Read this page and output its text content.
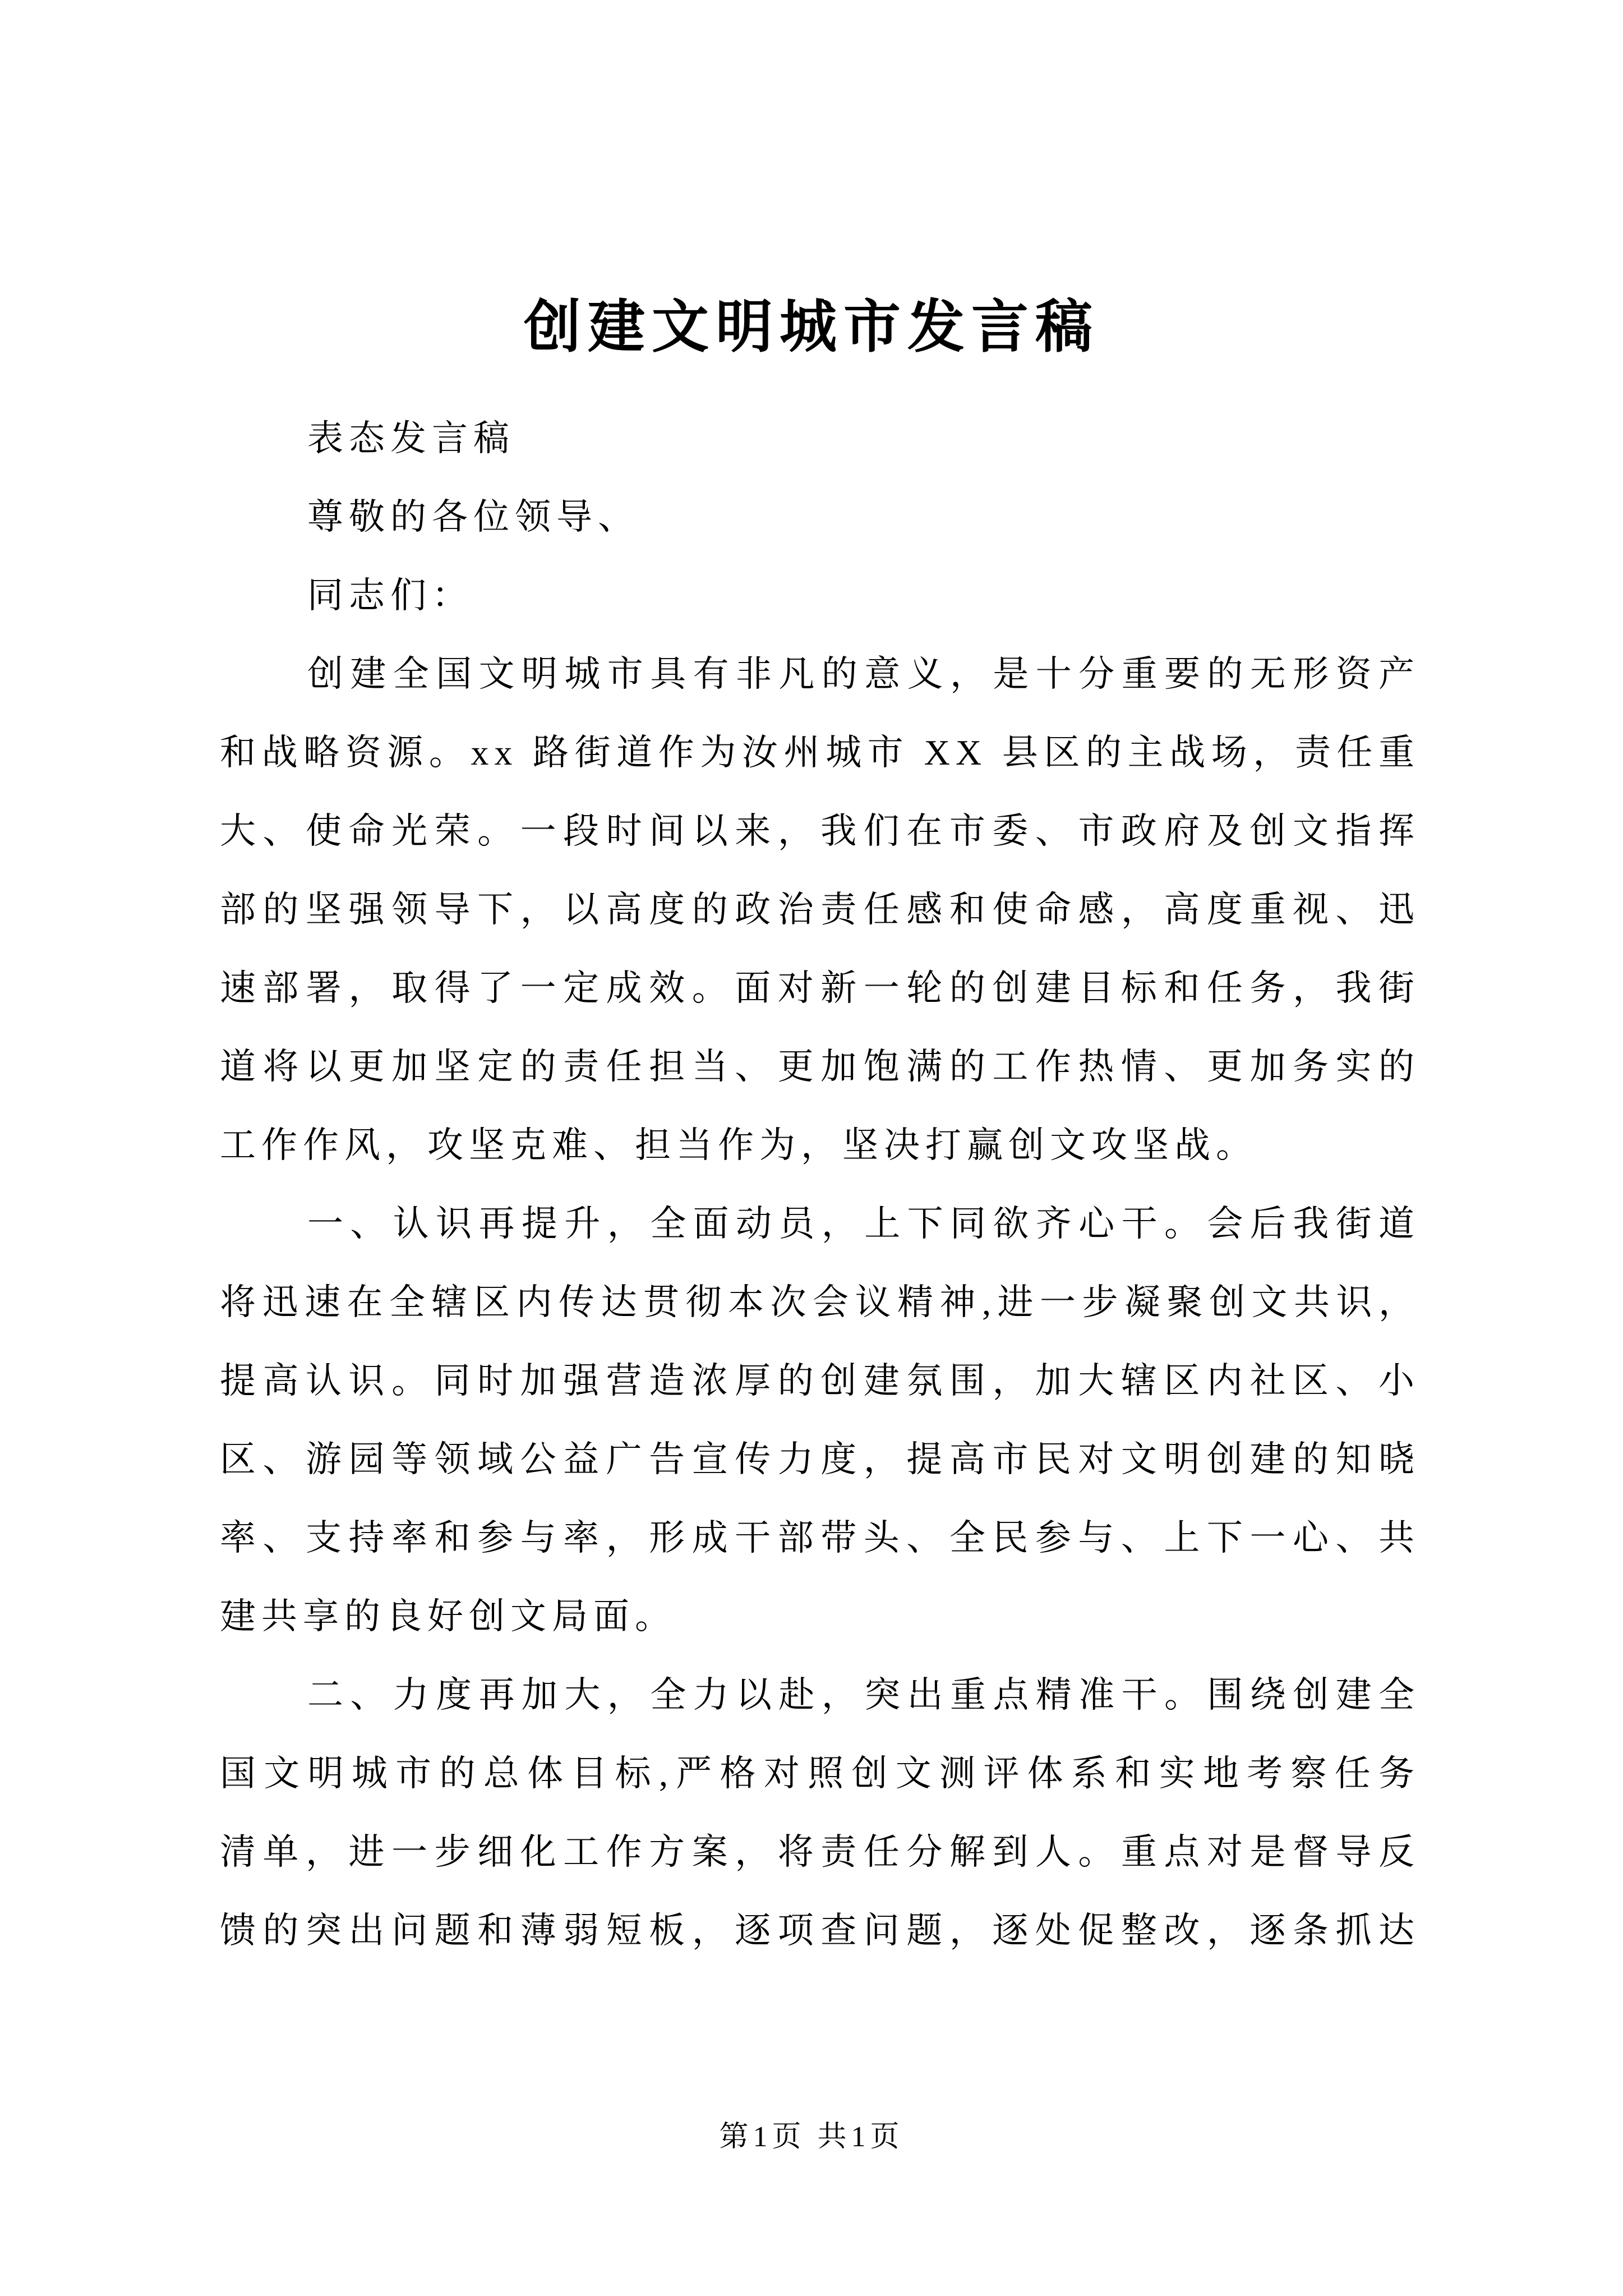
创建文明城市发言稿
表态发言稿
尊敬的各位领导、
同志们：
创建全国文明城市具有非凡的意义，是十分重要的无形资产
和战略资源。xx 路街道作为汝州城市 XX 县区的主战场，责任重
大、使命光荣。一段时间以来，我们在市委、市政府及创文指挥
部的坚强领导下，以高度的政治责任感和使命感，高度重视、迅
速部署，取得了一定成效。面对新一轮的创建目标和任务，我街
道将以更加坚定的责任担当、更加饱满的工作热情、更加务实的
工作作风，攻坚克难、担当作为，坚决打赢创文攻坚战。
一、认识再提升，全面动员，上下同欲齐心干。会后我街道
将迅速在全辖区内传达贯彻本次会议精神,进一步凝聚创文共识，
提高认识。同时加强营造浓厚的创建氛围，加大辖区内社区、小
区、游园等领域公益广告宣传力度，提高市民对文明创建的知晓
率、支持率和参与率，形成干部带头、全民参与、上下一心、共
建共享的良好创文局面。
二、力度再加大，全力以赴，突出重点精准干。围绕创建全
国文明城市的总体目标,严格对照创文测评体系和实地考察任务
清单，进一步细化工作方案，将责任分解到人。重点对是督导反
馈的突出问题和薄弱短板，逐项查问题，逐处促整改，逐条抓达
第1页 共1页
